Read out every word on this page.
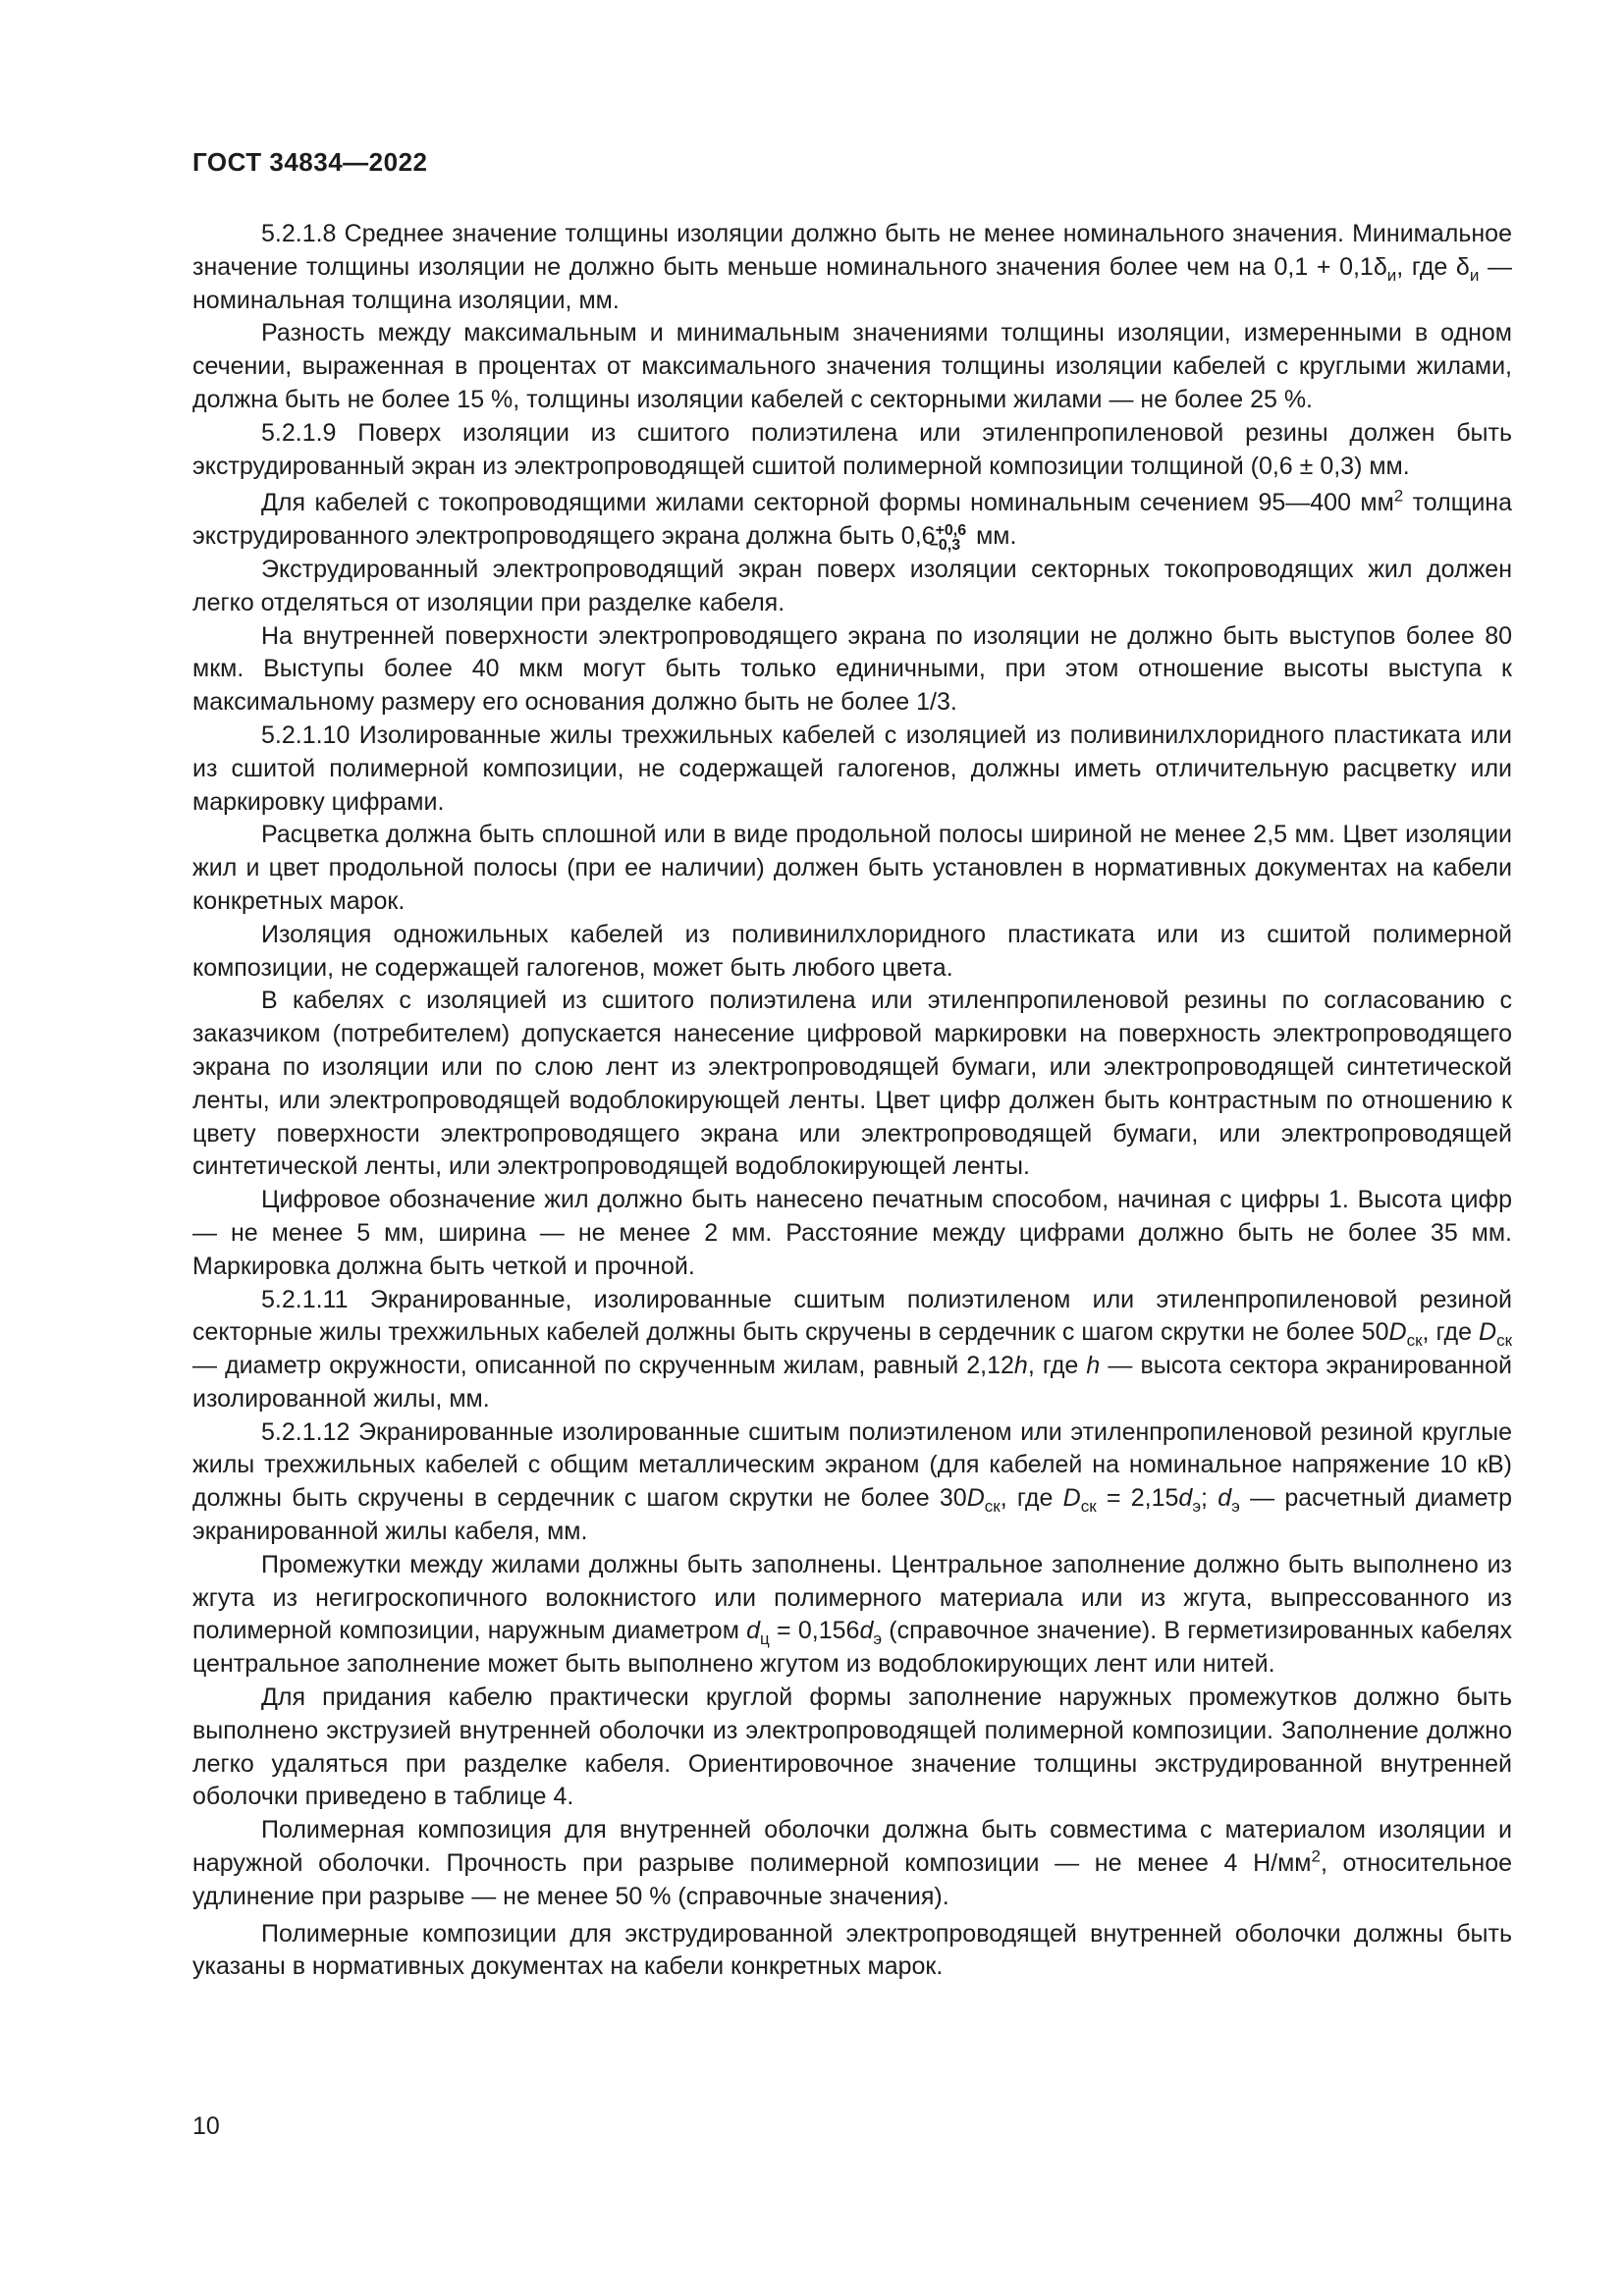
ГОСТ 34834—2022

5.2.1.8 Среднее значение толщины изоляции должно быть не менее номинального значения. Минимальное значение толщины изоляции не должно быть меньше номинального значения более чем на $0,1 + 0,1\delta_и$, где $\delta_и$ — номинальная толщина изоляции, мм.

Разность между максимальным и минимальным значениями толщины изоляции, измеренными в одном сечении, выраженная в процентах от максимального значения толщины изоляции кабелей с круглыми жилами, должна быть не более 15 %, толщины изоляции кабелей с секторными жилами — не более 25 %.

5.2.1.9 Поверх изоляции из сшитого полиэтилена или этиленпропиленовой резины должен быть экструдированный экран из электропроводящей сшитой полимерной композиции толщиной (0,6 ± 0,3) мм.

Для кабелей с токопроводящими жилами секторной формы номинальным сечением 95—400 $мм^2$ толщина экструдированного электропроводящего экрана должна быть 0,6 +0,6
−0,3 мм.

Экструдированный электропроводящий экран поверх изоляции секторных токопроводящих жил должен легко отделяться от изоляции при разделке кабеля.

На внутренней поверхности электропроводящего экрана по изоляции не должно быть выступов более 80 мкм. Выступы более 40 мкм могут быть только единичными, при этом отношение высоты выступа к максимальному размеру его основания должно быть не более 1/3.

5.2.1.10 Изолированные жилы трехжильных кабелей с изоляцией из поливинилхлоридного пластиката или из сшитой полимерной композиции, не содержащей галогенов, должны иметь отличительную расцветку или маркировку цифрами.

Расцветка должна быть сплошной или в виде продольной полосы шириной не менее 2,5 мм. Цвет изоляции жил и цвет продольной полосы (при ее наличии) должен быть установлен в нормативных документах на кабели конкретных марок.

Изоляция одножильных кабелей из поливинилхлоридного пластиката или из сшитой полимерной композиции, не содержащей галогенов, может быть любого цвета.

В кабелях с изоляцией из сшитого полиэтилена или этиленпропиленовой резины по согласованию с заказчиком (потребителем) допускается нанесение цифровой маркировки на поверхность электропроводящего экрана по изоляции или по слою лент из электропроводящей бумаги, или электропроводящей синтетической ленты, или электропроводящей водоблокирующей ленты. Цвет цифр должен быть контрастным по отношению к цвету поверхности электропроводящего экрана или электропроводящей бумаги, или электропроводящей синтетической ленты, или электропроводящей водоблокирующей ленты.

Цифровое обозначение жил должно быть нанесено печатным способом, начиная с цифры 1. Высота цифр — не менее 5 мм, ширина — не менее 2 мм. Расстояние между цифрами должно быть не более 35 мм. Маркировка должна быть четкой и прочной.

5.2.1.11 Экранированные, изолированные сшитым полиэтиленом или этиленпропиленовой резиной секторные жилы трехжильных кабелей должны быть скручены в сердечник с шагом скрутки не более $50D_{ск}$, где $D_{ск}$ — диаметр окружности, описанной по скрученным жилам, равный 2,12h, где h — высота сектора экранированной изолированной жилы, мм.

5.2.1.12 Экранированные изолированные сшитым полиэтиленом или этиленпропиленовой резиной круглые жилы трехжильных кабелей с общим металлическим экраном (для кабелей на номинальное напряжение 10 кВ) должны быть скручены в сердечник с шагом скрутки не более $30D_{ск}$, где $D_{ск} = 2,15d_э$; $d_э$ — расчетный диаметр экранированной жилы кабеля, мм.

Промежутки между жилами должны быть заполнены. Центральное заполнение должно быть выполнено из жгута из негигроскопичного волокнистого или полимерного материала или из жгута, выпрессованного из полимерной композиции, наружным диаметром $d_ц = 0,156d_э$ (справочное значение). В герметизированных кабелях центральное заполнение может быть выполнено жгутом из водоблокирующих лент или нитей.

Для придания кабелю практически круглой формы заполнение наружных промежутков должно быть выполнено экструзией внутренней оболочки из электропроводящей полимерной композиции. Заполнение должно легко удаляться при разделке кабеля. Ориентировочное значение толщины экструдированной внутренней оболочки приведено в таблице 4.

Полимерная композиция для внутренней оболочки должна быть совместима с материалом изоляции и наружной оболочки. Прочность при разрыве полимерной композиции — не менее 4 $Н/мм^2$, относительное удлинение при разрыве — не менее 50 % (справочные значения).

Полимерные композиции для экструдированной электропроводящей внутренней оболочки должны быть указаны в нормативных документах на кабели конкретных марок.

10
